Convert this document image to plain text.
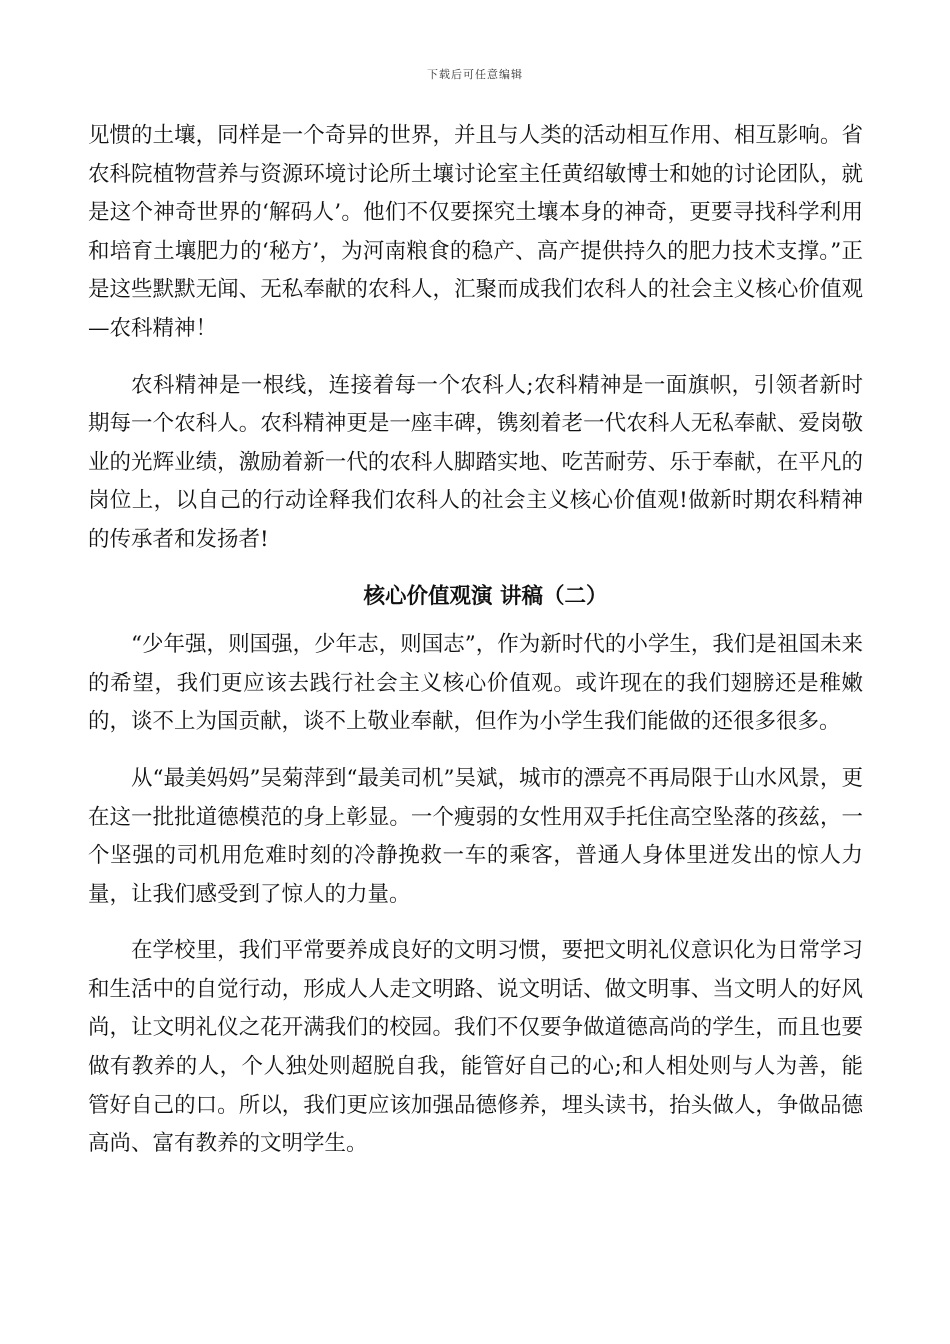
下载后可任意编辑

见惯的土壤，同样是一个奇异的世界，并且与人类的活动相互作用、相互影响。省农科院植物营养与资源环境讨论所土壤讨论室主任黄绍敏博士和她的讨论团队，就是这个神奇世界的‘解码人’。他们不仅要探究土壤本身的神奇，更要寻找科学利用和培育土壤肥力的‘秘方’，为河南粮食的稳产、高产提供持久的肥力技术支撑。”正是这些默默无闻、无私奉献的农科人，汇聚而成我们农科人的社会主义核心价值观—农科精神！

农科精神是一根线，连接着每一个农科人;农科精神是一面旗帜，引领者新时期每一个农科人。农科精神更是一座丰碑，镌刻着老一代农科人无私奉献、爱岗敬业的光辉业绩，激励着新一代的农科人脚踏实地、吃苦耐劳、乐于奉献，在平凡的岗位上，以自己的行动诠释我们农科人的社会主义核心价值观!做新时期农科精神的传承者和发扬者!

核心价值观演 讲稿（二）

“少年强，则国强，少年志，则国志”，作为新时代的小学生，我们是祖国未来的希望，我们更应该去践行社会主义核心价值观。或许现在的我们翅膀还是稚嫩的，谈不上为国贡献，谈不上敬业奉献，但作为小学生我们能做的还很多很多。

从“最美妈妈”吴菊萍到“最美司机”吴斌，城市的漂亮不再局限于山水风景，更在这一批批道德模范的身上彰显。一个瘦弱的女性用双手托住高空坠落的孩兹，一个坚强的司机用危难时刻的冷静挽救一车的乘客，普通人身体里迸发出的惊人力量，让我们感受到了惊人的力量。

在学校里，我们平常要养成良好的文明习惯，要把文明礼仪意识化为日常学习和生活中的自觉行动，形成人人走文明路、说文明话、做文明事、当文明人的好风尚，让文明礼仪之花开满我们的校园。我们不仅要争做道德高尚的学生，而且也要做有教养的人，个人独处则超脱自我，能管好自己的心;和人相处则与人为善，能管好自己的口。所以，我们更应该加强品德修养，埋头读书，抬头做人，争做品德高尚、富有教养的文明学生。
